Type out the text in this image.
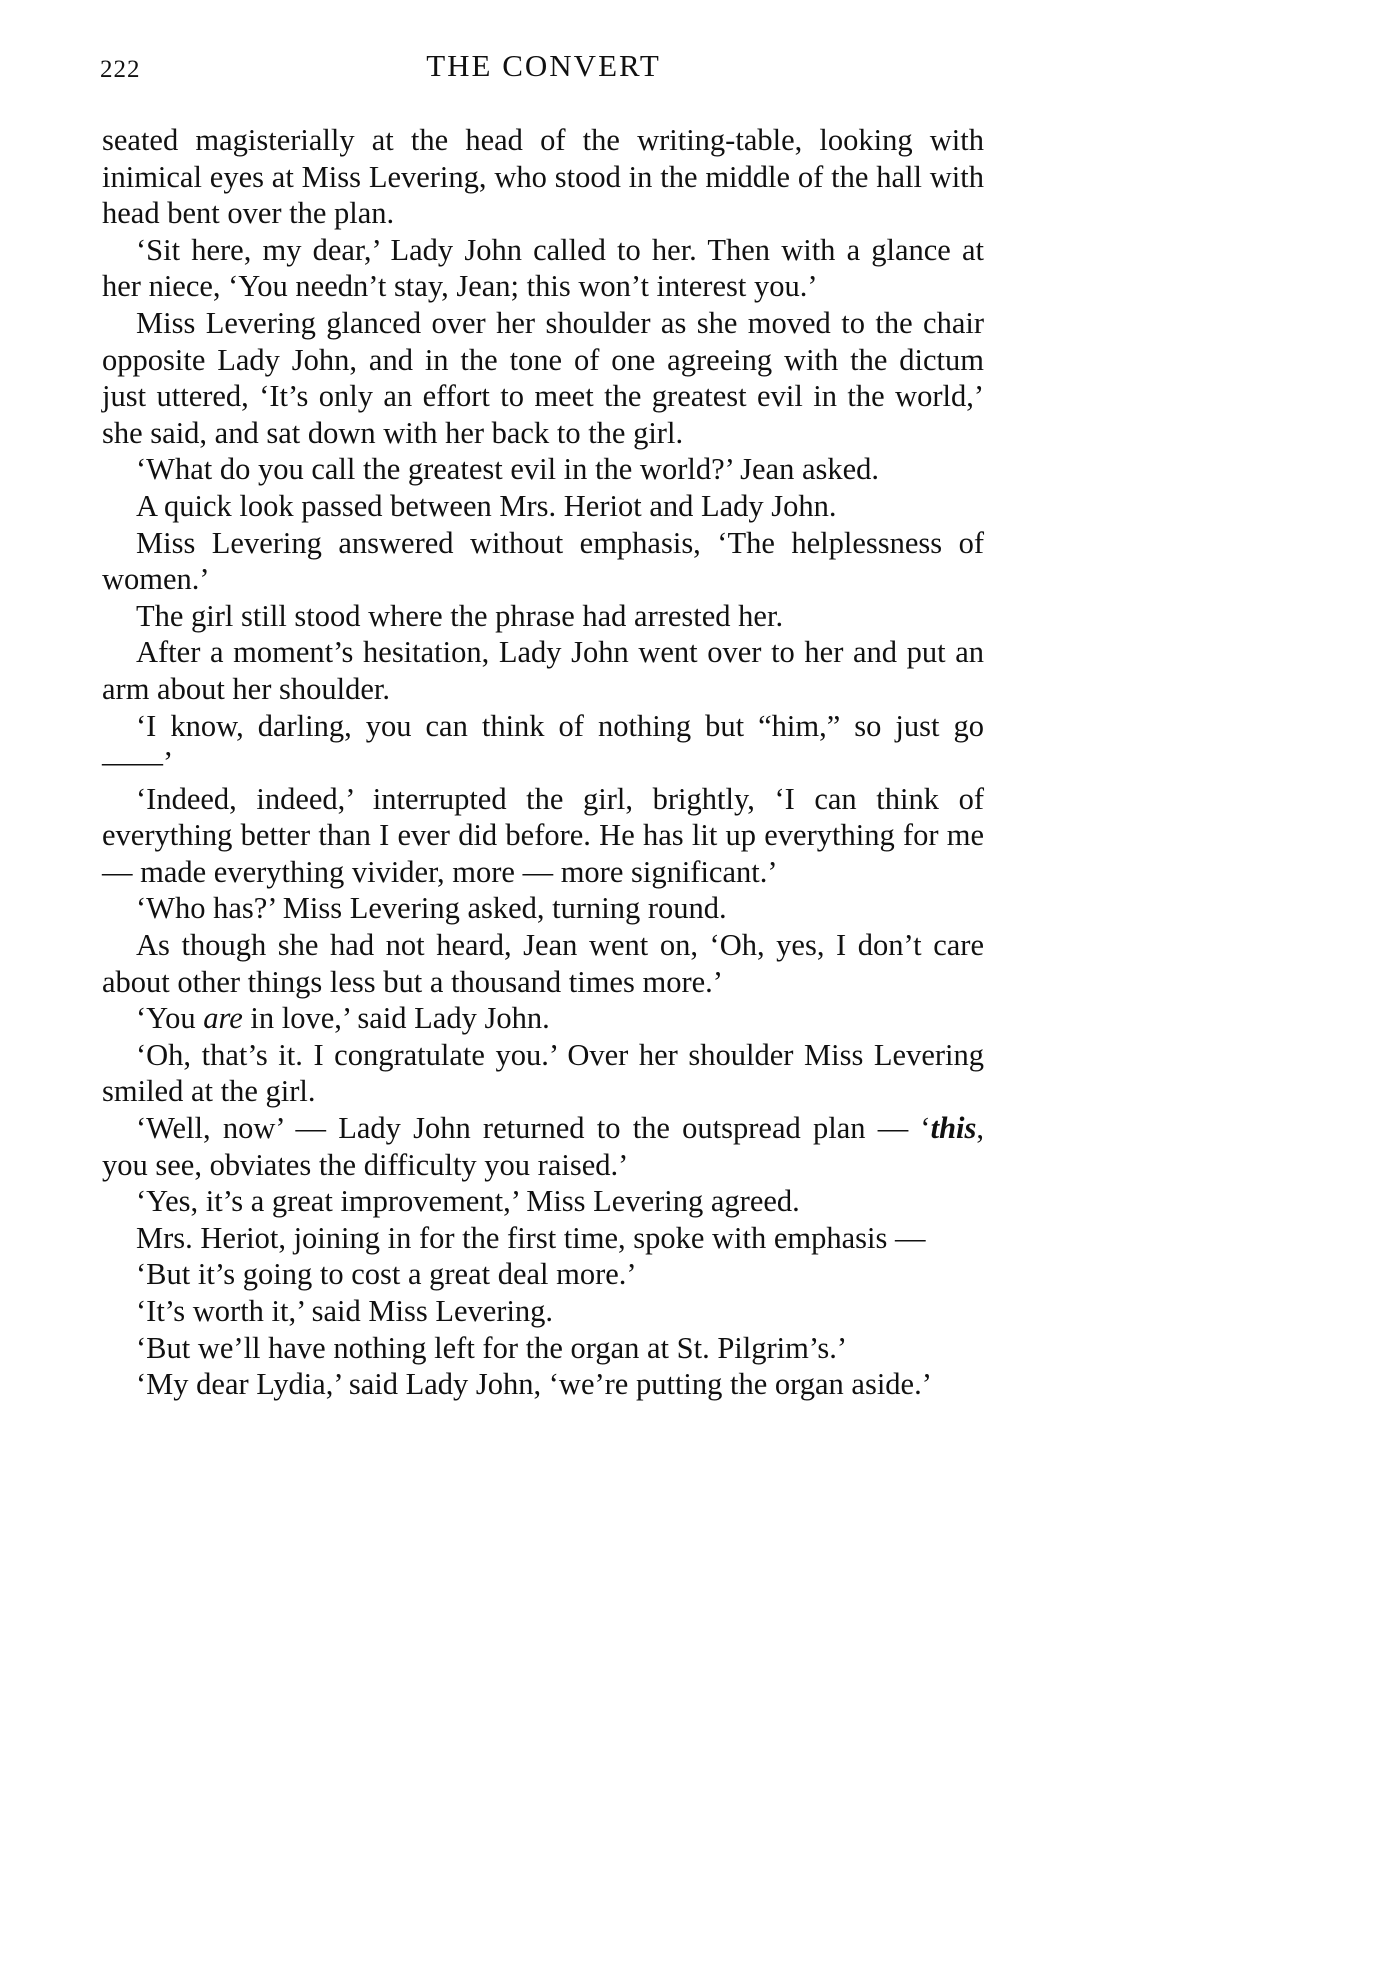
222	THE CONVERT

seated magisterially at the head of the writing-table, looking with inimical eyes at Miss Levering, who stood in the middle of the hall with head bent over the plan.

‘Sit here, my dear,’ Lady John called to her. Then with a glance at her niece, ‘You needn’t stay, Jean; this won’t interest you.’

Miss Levering glanced over her shoulder as she moved to the chair opposite Lady John, and in the tone of one agreeing with the dictum just uttered, ‘It’s only an effort to meet the greatest evil in the world,’ she said, and sat down with her back to the girl.

‘What do you call the greatest evil in the world?’ Jean asked.

A quick look passed between Mrs. Heriot and Lady John.

Miss Levering answered without emphasis, ‘The helplessness of women.’

The girl still stood where the phrase had arrested her.

After a moment’s hesitation, Lady John went over to her and put an arm about her shoulder.

‘I know, darling, you can think of nothing but “him,” so just go ——’

‘Indeed, indeed,’ interrupted the girl, brightly, ‘I can think of everything better than I ever did before. He has lit up everything for me — made everything vivider, more — more significant.’

‘Who has?’ Miss Levering asked, turning round.

As though she had not heard, Jean went on, ‘Oh, yes, I don’t care about other things less but a thousand times more.’

‘You are in love,’ said Lady John.

‘Oh, that’s it. I congratulate you.’ Over her shoulder Miss Levering smiled at the girl.

‘Well, now’ — Lady John returned to the outspread plan — ‘this, you see, obviates the difficulty you raised.’

‘Yes, it’s a great improvement,’ Miss Levering agreed.

Mrs. Heriot, joining in for the first time, spoke with emphasis —

‘But it’s going to cost a great deal more.’

‘It’s worth it,’ said Miss Levering.

‘But we’ll have nothing left for the organ at St. Pilgrim’s.’

‘My dear Lydia,’ said Lady John, ‘we’re putting the organ aside.’
